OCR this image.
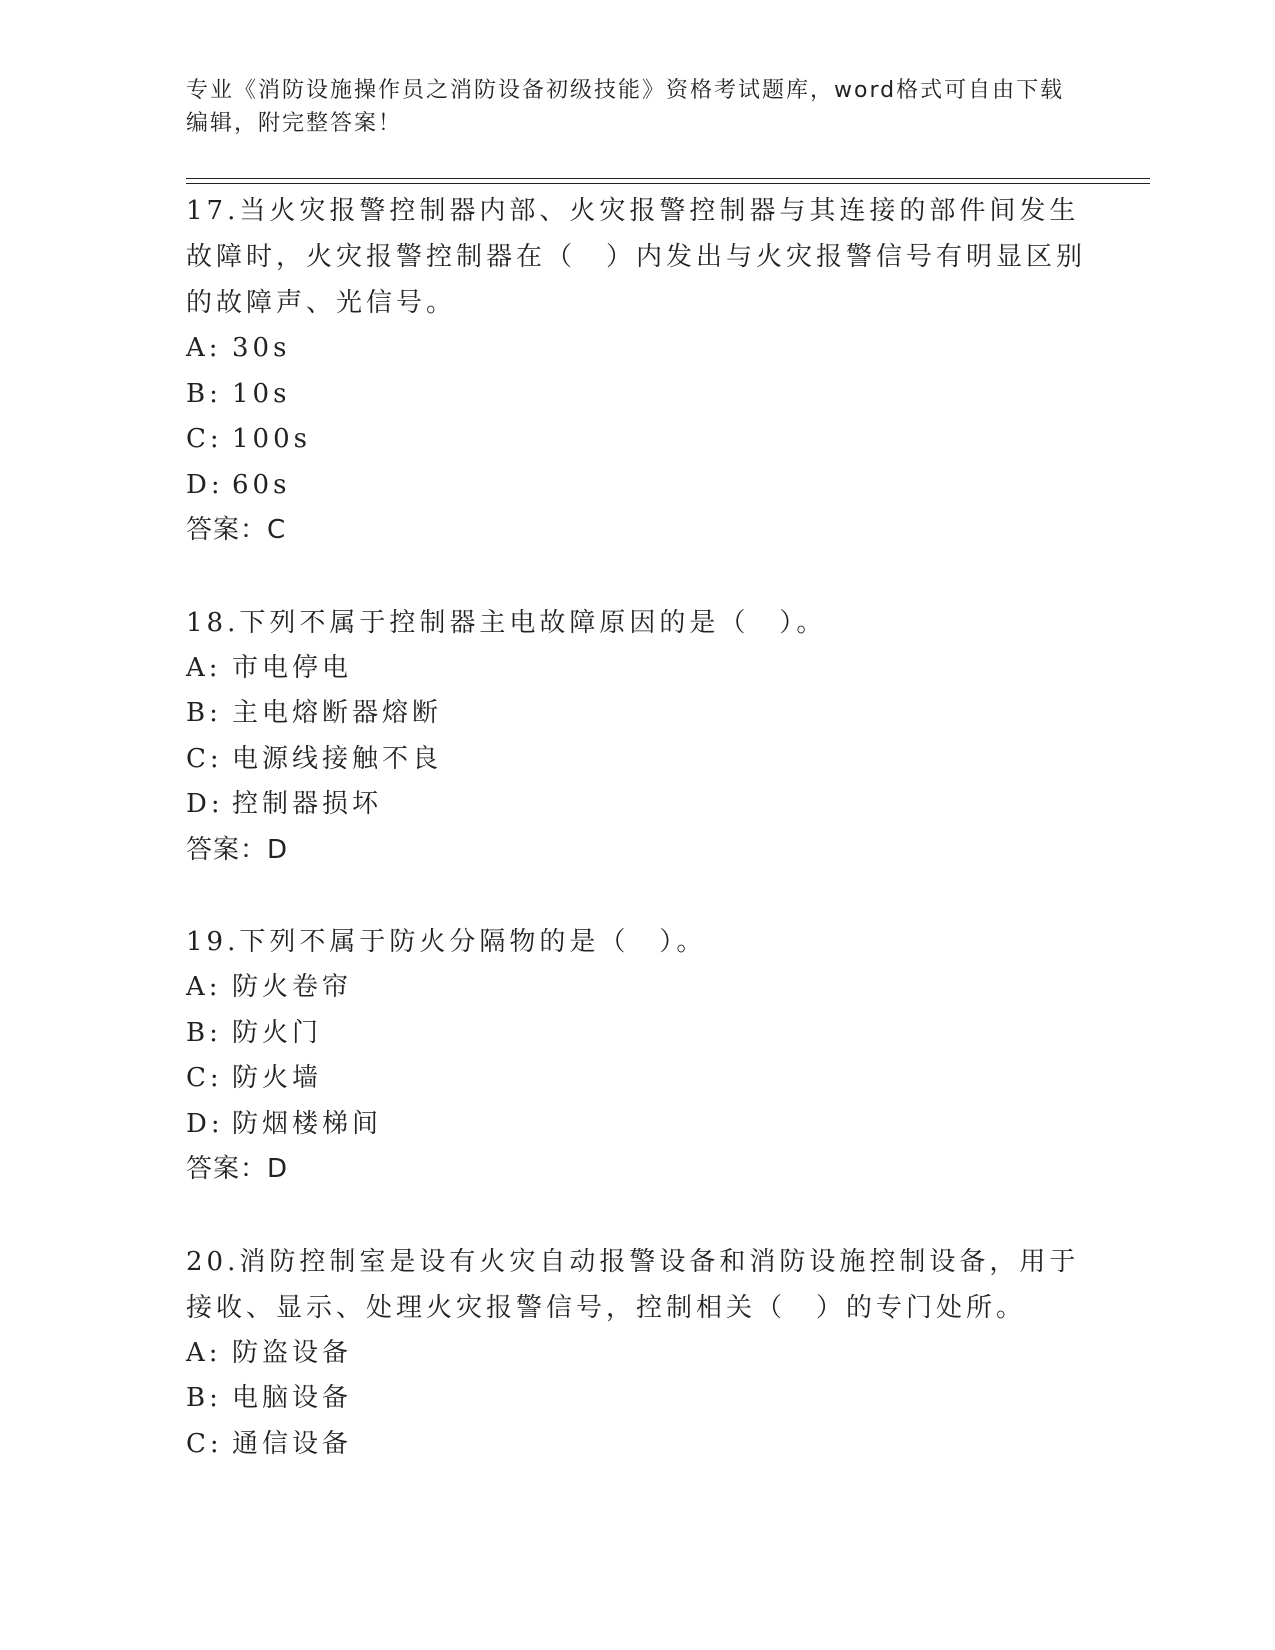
专业《消防设施操作员之消防设备初级技能》资格考试题库，word格式可自由下载编辑，附完整答案！
17.当火灾报警控制器内部、火灾报警控制器与其连接的部件间发生故障时，火灾报警控制器在（　）内发出与火灾报警信号有明显区别的故障声、光信号。
A: 30s
B: 10s
C: 100s
D: 60s
答案：C
18.下列不属于控制器主电故障原因的是（　）。
A: 市电停电
B: 主电熔断器熔断
C: 电源线接触不良
D: 控制器损坏
答案：D
19.下列不属于防火分隔物的是（　）。
A: 防火卷帘
B: 防火门
C: 防火墙
D: 防烟楼梯间
答案：D
20.消防控制室是设有火灾自动报警设备和消防设施控制设备，用于接收、显示、处理火灾报警信号，控制相关（　）的专门处所。
A: 防盗设备
B: 电脑设备
C: 通信设备
